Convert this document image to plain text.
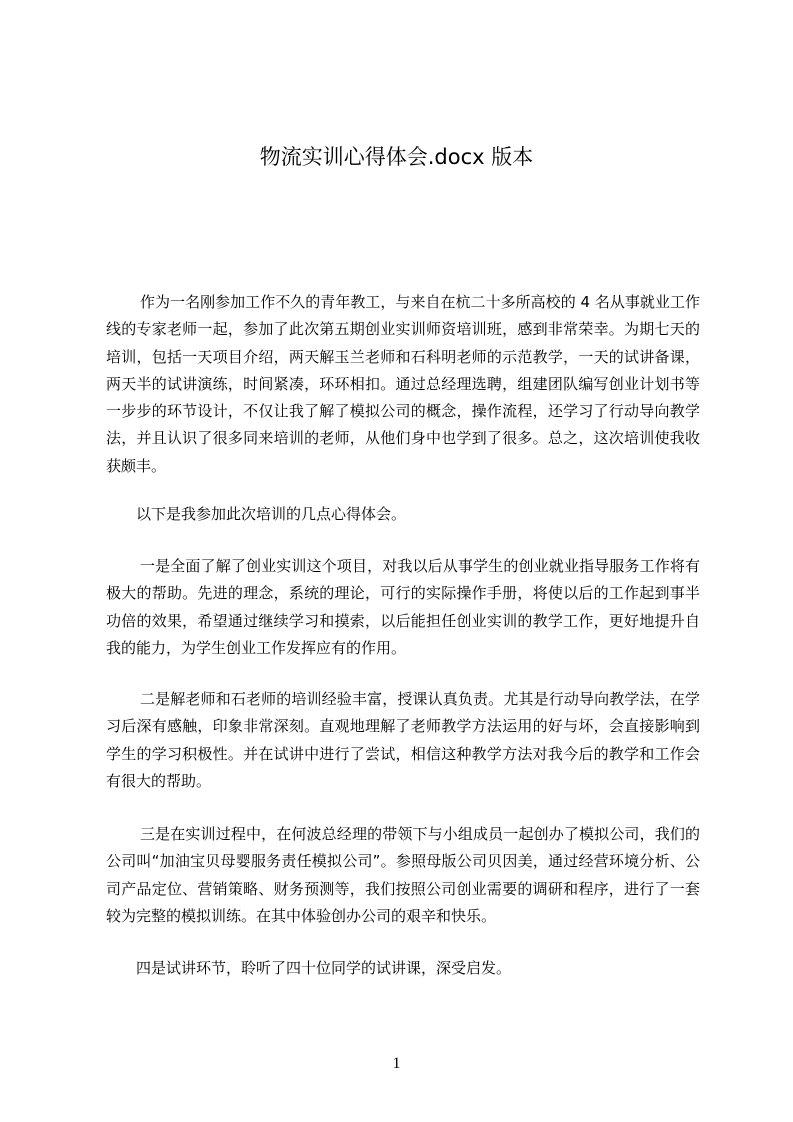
物流实训心得体会.docx 版本

作为一名刚参加工作不久的青年教工，与来自在杭二十多所高校的 4 名从事就业工作线的专家老师一起，参加了此次第五期创业实训师资培训班，感到非常荣幸。为期七天的培训，包括一天项目介绍，两天解玉兰老师和石科明老师的示范教学，一天的试讲备课，两天半的试讲演练，时间紧凑，环环相扣。通过总经理选聘，组建团队编写创业计划书等一步步的环节设计，不仅让我了解了模拟公司的概念，操作流程，还学习了行动导向教学法，并且认识了很多同来培训的老师，从他们身中也学到了很多。总之，这次培训使我收获颇丰。

以下是我参加此次培训的几点心得体会。

一是全面了解了创业实训这个项目，对我以后从事学生的创业就业指导服务工作将有极大的帮助。先进的理念，系统的理论，可行的实际操作手册，将使以后的工作起到事半功倍的效果，希望通过继续学习和摸索，以后能担任创业实训的教学工作，更好地提升自我的能力，为学生创业工作发挥应有的作用。

二是解老师和石老师的培训经验丰富，授课认真负责。尤其是行动导向教学法，在学习后深有感触，印象非常深刻。直观地理解了老师教学方法运用的好与坏，会直接影响到学生的学习积极性。并在试讲中进行了尝试，相信这种教学方法对我今后的教学和工作会有很大的帮助。

三是在实训过程中，在何波总经理的带领下与小组成员一起创办了模拟公司，我们的公司叫“加油宝贝母婴服务责任模拟公司”。参照母版公司贝因美，通过经营环境分析、公司产品定位、营销策略、财务预测等，我们按照公司创业需要的调研和程序，进行了一套较为完整的模拟训练。在其中体验创办公司的艰辛和快乐。

四是试讲环节，聆听了四十位同学的试讲课，深受启发。

1
